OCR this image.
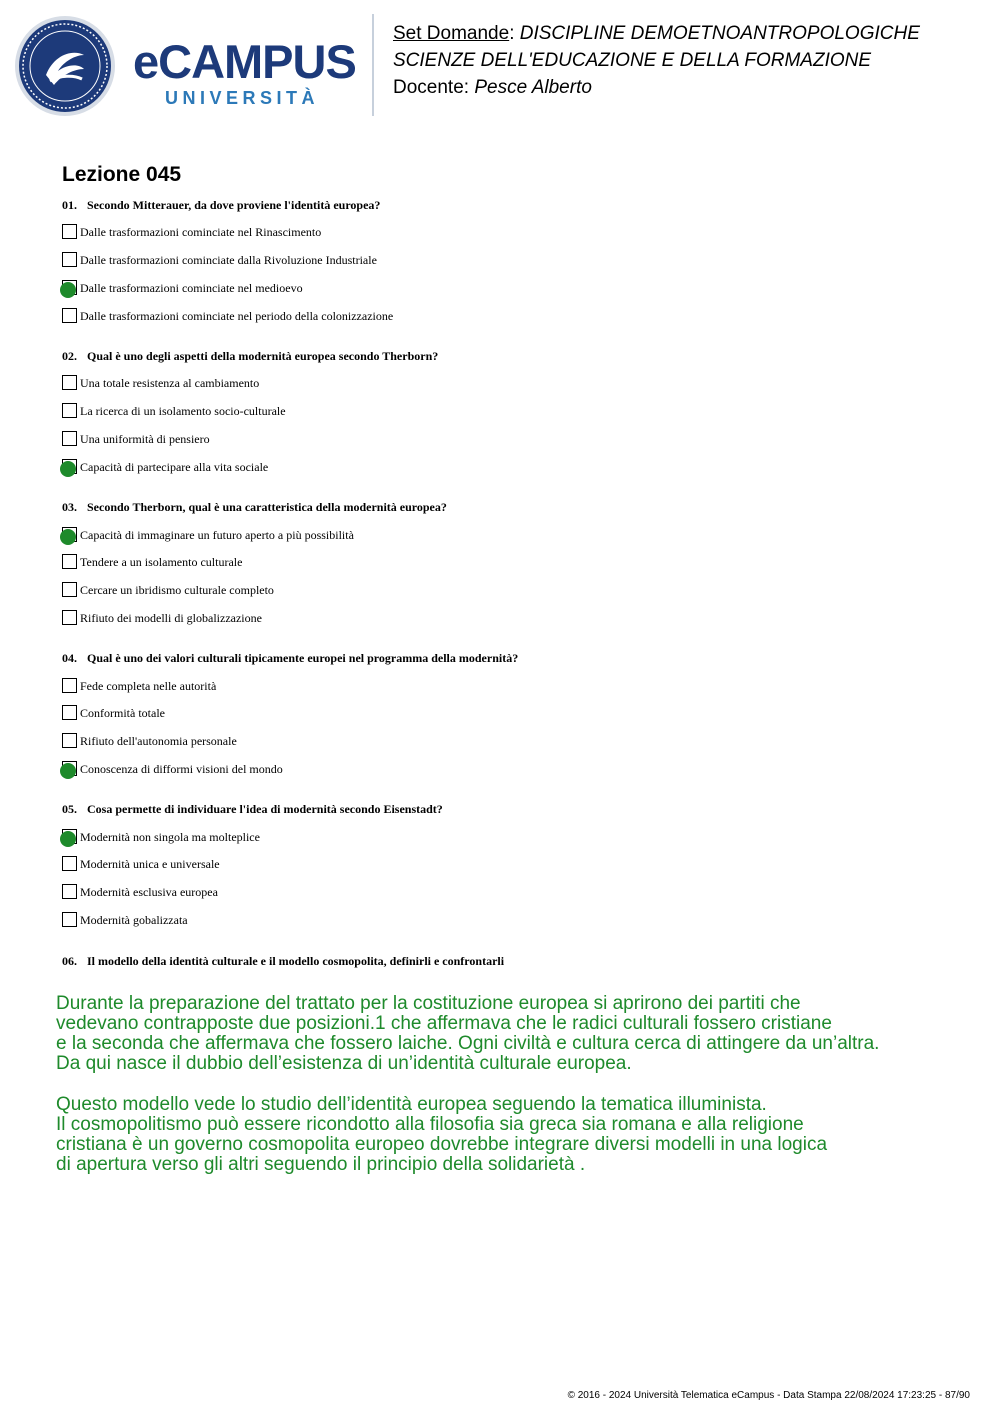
eCAMPUS
UNIVERSITÀ
Set Domande: DISCIPLINE DEMOETNOANTROPOLOGICHE
SCIENZE DELL'EDUCAZIONE E DELLA FORMAZIONE
Docente: Pesce Alberto
Lezione 045
01. Secondo Mitterauer, da dove proviene l'identità europea?
Dalle trasformazioni cominciate nel Rinascimento
Dalle trasformazioni cominciate dalla Rivoluzione Industriale
Dalle trasformazioni cominciate nel medioevo
Dalle trasformazioni cominciate nel periodo della colonizzazione
02. Qual è uno degli aspetti della modernità europea secondo Therborn?
Una totale resistenza al cambiamento
La ricerca di un isolamento socio-culturale
Una uniformità di pensiero
Capacità di partecipare alla vita sociale
03. Secondo Therborn, qual è una caratteristica della modernità europea?
Capacità di immaginare un futuro aperto a più possibilità
Tendere a un isolamento culturale
Cercare un ibridismo culturale completo
Rifiuto dei modelli di globalizzazione
04. Qual è uno dei valori culturali tipicamente europei nel programma della modernità?
Fede completa nelle autorità
Conformità totale
Rifiuto dell'autonomia personale
Conoscenza di difformi visioni del mondo
05. Cosa permette di individuare l'idea di modernità secondo Eisenstadt?
Modernità non singola ma molteplice
Modernità unica e universale
Modernità esclusiva europea
Modernità gobalizzata
06. Il modello della identità culturale e il modello cosmopolita, definirli e confrontarli
Durante la preparazione del trattato per la costituzione europea si aprirono dei partiti che
vedevano contrapposte due posizioni.1 che affermava che le radici culturali fossero cristiane
e la seconda che affermava che fossero laiche. Ogni civiltà e cultura cerca di attingere da un’altra.
Da qui nasce il dubbio dell’esistenza di un’identità culturale europea.
Questo modello vede lo studio dell’identità europea seguendo la tematica illuminista.
Il cosmopolitismo può essere ricondotto alla filosofia sia greca sia romana e alla religione
cristiana è un governo cosmopolita europeo dovrebbe integrare diversi modelli in una logica
di apertura verso gli altri seguendo il principio della solidarietà .
© 2016 - 2024 Università Telematica eCampus - Data Stampa 22/08/2024 17:23:25 - 87/90
